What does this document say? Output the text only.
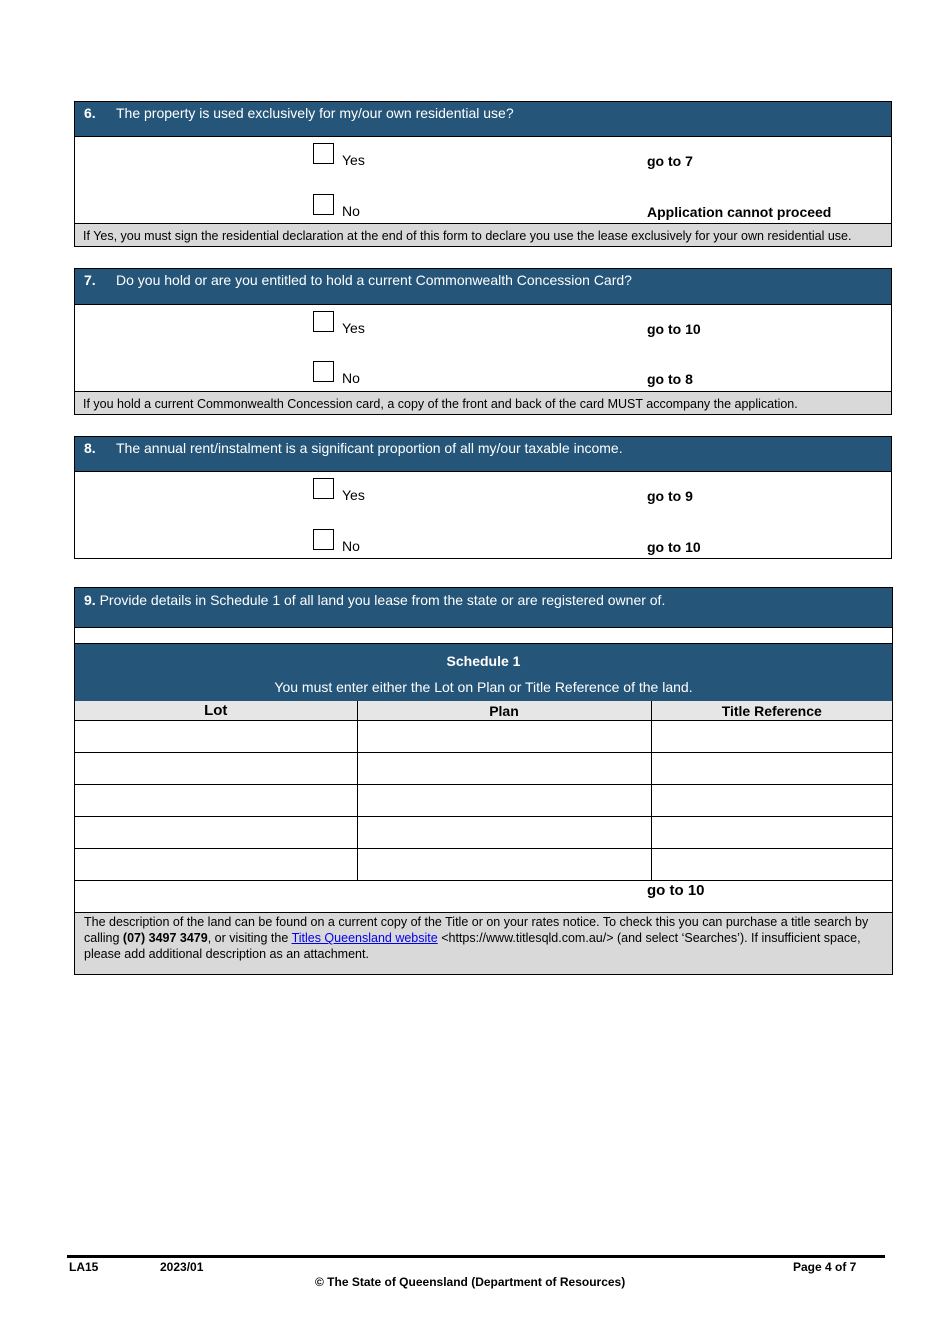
6. The property is used exclusively for my/our own residential use?
Yes	go to 7
No	Application cannot proceed
If Yes, you must sign the residential declaration at the end of this form to declare you use the lease exclusively for your own residential use.
7. Do you hold or are you entitled to hold a current Commonwealth Concession Card?
Yes	go to 10
No	go to 8
If you hold a current Commonwealth Concession card, a copy of the front and back of the card MUST accompany the application.
8. The annual rent/instalment is a significant proportion of all my/our taxable income.
Yes	go to 9
No	go to 10
9. Provide details in Schedule 1 of all land you lease from the state or are registered owner of.
Schedule 1
You must enter either the Lot on Plan or Title Reference of the land.
Lot	Plan	Title Reference

go to 10
The description of the land can be found on a current copy of the Title or on your rates notice. To check this you can purchase a title search by calling (07) 3497 3479, or visiting the Titles Queensland website <https://www.titlesqld.com.au/> (and select ‘Searches’). If insufficient space, please add additional description as an attachment.
LA15	2023/01	Page 4 of 7
© The State of Queensland (Department of Resources)
